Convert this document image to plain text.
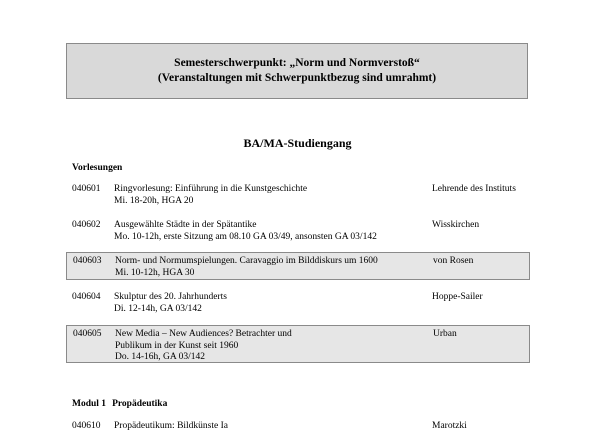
Semesterschwerpunkt: „Norm und Normverstoß“
(Veranstaltungen mit Schwerpunktbezug sind umrahmt)
BA/MA-Studiengang
Vorlesungen
040601 Ringvorlesung: Einführung in die Kunstgeschichte
Mi. 18-20h, HGA 20
Lehrende des Instituts
040602 Ausgewählte Städte in der Spätantike
Mo. 10-12h, erste Sitzung am 08.10 GA 03/49, ansonsten GA 03/142
Wisskirchen
040603 Norm- und Normumspielungen. Caravaggio im Bilddiskurs um 1600
Mi. 10-12h, HGA 30
von Rosen
040604 Skulptur des 20. Jahrhunderts
Di. 12-14h, GA 03/142
Hoppe-Sailer
040605 New Media – New Audiences? Betrachter und
Publikum in der Kunst seit 1960
Do. 14-16h, GA 03/142
Urban
Modul 1 Propädeutika
040610 Propädeutikum: Bildkünste Ia	Marotzki
